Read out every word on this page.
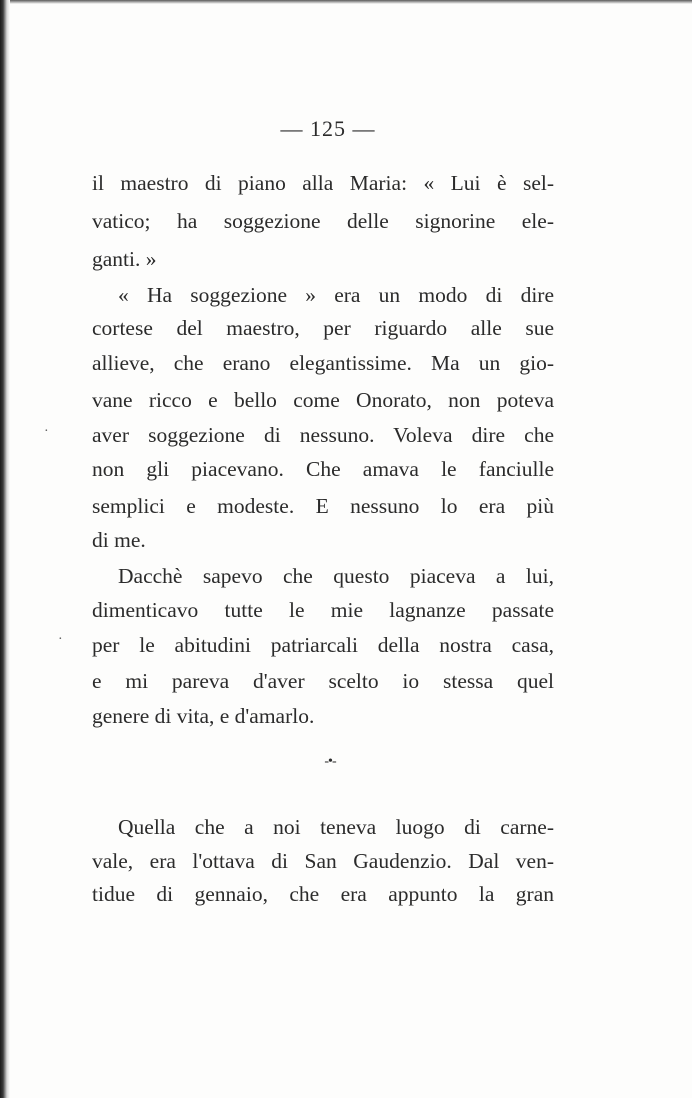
— 125 —
il maestro di piano alla Maria: « Lui è sel-
vatico; ha soggezione delle signorine ele-
ganti. »
« Ha soggezione » era un modo di dire
cortese del maestro, per riguardo alle sue
allieve, che erano elegantissime. Ma un gio-
vane ricco e bello come Onorato, non poteva
aver soggezione di nessuno. Voleva dire che
non gli piacevano. Che amava le fanciulle
semplici e modeste. E nessuno lo era più
di me.
Dacchè sapevo che questo piaceva a lui,
dimenticavo tutte le mie lagnanze passate
per le abitudini patriarcali della nostra casa,
e mi pareva d'aver scelto io stessa quel
genere di vita, e d'amarlo.
-•-
Quella che a noi teneva luogo di carne-
vale, era l'ottava di San Gaudenzio. Dal ven-
tidue di gennaio, che era appunto la gran
·
·
